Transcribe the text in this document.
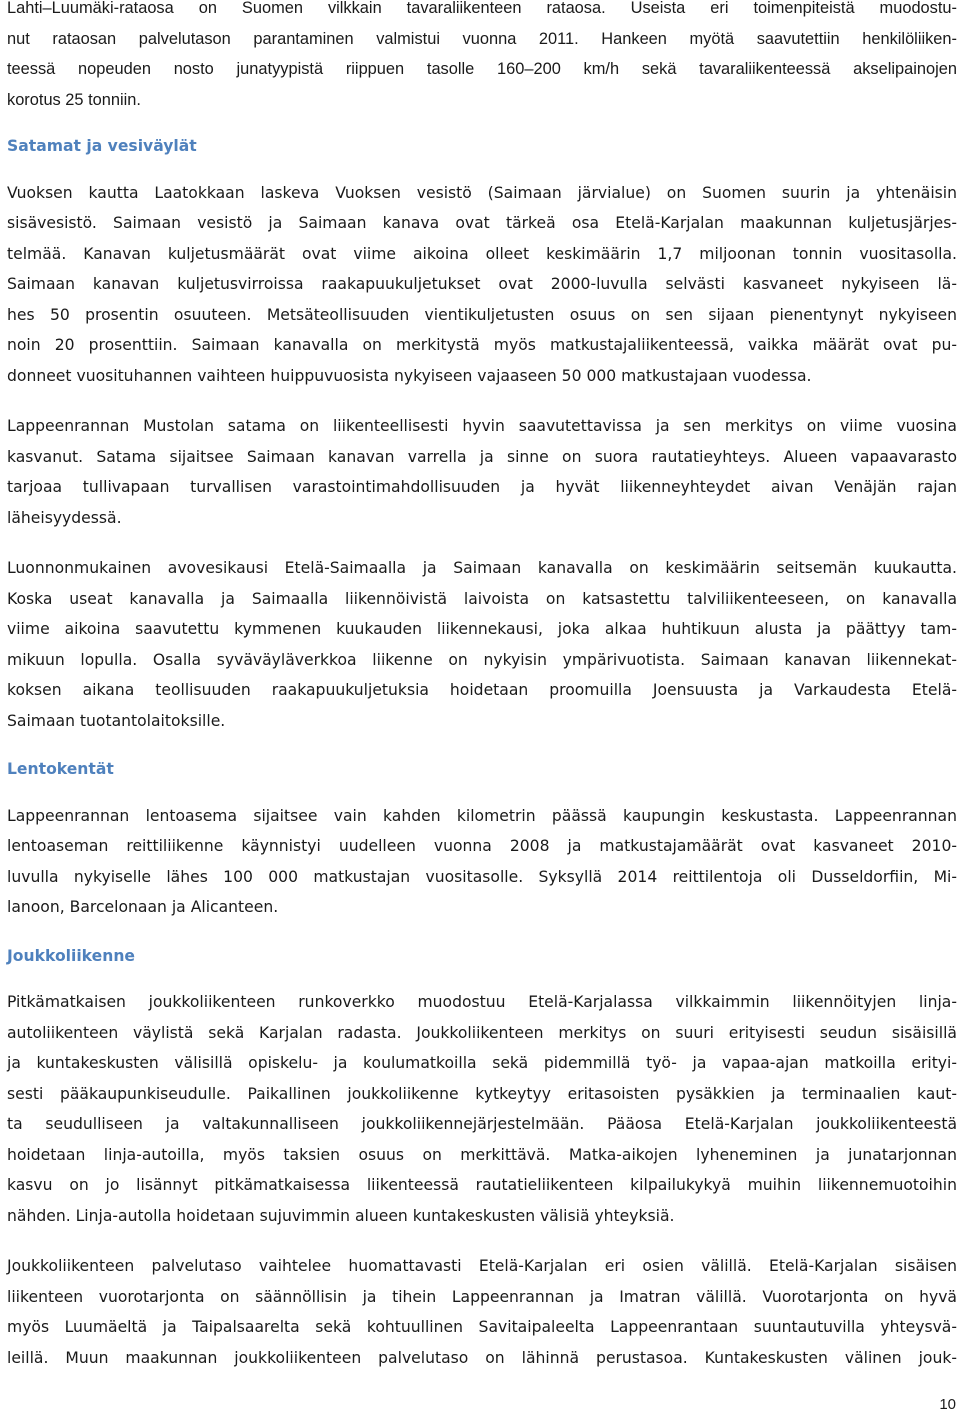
Lahti–Luumäki-rataosa on Suomen vilkkain tavaraliikenteen rataosa. Useista eri toimenpiteistä muodostu-
nut rataosan palvelutason parantaminen valmistui vuonna 2011. Hankeen myötä saavutettiin henkilöliiken-
teessä nopeuden nosto junatyypistä riippuen tasolle 160–200 km/h sekä tavaraliikenteessä akselipainojen
korotus 25 tonniin.
Satamat ja vesiväylät

Vuoksen kautta Laatokkaan laskeva Vuoksen vesistö (Saimaan järvialue) on Suomen suurin ja yhtenäisin
sisävesistö. Saimaan vesistö ja Saimaan kanava ovat tärkeä osa Etelä-Karjalan maakunnan kuljetusjärjes-
telmää. Kanavan kuljetusmäärät ovat viime aikoina olleet keskimäärin 1,7 miljoonan tonnin vuositasolla.
Saimaan kanavan kuljetusvirroissa raakapuukuljetukset ovat 2000-luvulla selvästi kasvaneet nykyiseen lä-
hes 50 prosentin osuuteen. Metsäteollisuuden vientikuljetusten osuus on sen sijaan pienentynyt nykyiseen
noin 20 prosenttiin. Saimaan kanavalla on merkitystä myös matkustajaliikenteessä, vaikka määrät ovat pu-
donneet vuosituhannen vaihteen huippuvuosista nykyiseen vajaaseen 50 000 matkustajaan vuodessa.

Lappeenrannan Mustolan satama on liikenteellisesti hyvin saavutettavissa ja sen merkitys on viime vuosina
kasvanut. Satama sijaitsee Saimaan kanavan varrella ja sinne on suora rautatieyhteys. Alueen vapaavarasto
tarjoaa tullivapaan turvallisen varastointimahdollisuuden ja hyvät liikenneyhteydet aivan Venäjän rajan
läheisyydessä.

Luonnonmukainen avovesikausi Etelä-Saimaalla ja Saimaan kanavalla on keskimäärin seitsemän kuukautta.
Koska useat kanavalla ja Saimaalla liikennöivistä laivoista on katsastettu talviliikenteeseen, on kanavalla
viime aikoina saavutettu kymmenen kuukauden liikennekausi, joka alkaa huhtikuun alusta ja päättyy tam-
mikuun lopulla. Osalla syväväyläverkkoa liikenne on nykyisin ympärivuotista. Saimaan kanavan liikennekat-
koksen aikana teollisuuden raakapuukuljetuksia hoidetaan proomuilla Joensuusta ja Varkaudesta Etelä-
Saimaan tuotantolaitoksille.

Lentokentät

Lappeenrannan lentoasema sijaitsee vain kahden kilometrin päässä kaupungin keskustasta. Lappeenrannan
lentoaseman reittiliikenne käynnistyi uudelleen vuonna 2008 ja matkustajamäärät ovat kasvaneet 2010-
luvulla nykyiselle lähes 100 000 matkustajan vuositasolle. Syksyllä 2014 reittilentoja oli Dusseldorfiin, Mi-
lanoon, Barcelonaan ja Alicanteen.

Joukkoliikenne

Pitkämatkaisen joukkoliikenteen runkoverkko muodostuu Etelä-Karjalassa vilkkaimmin liikennöityjen linja-
autoliikenteen väylistä sekä Karjalan radasta. Joukkoliikenteen merkitys on suuri erityisesti seudun sisäisillä
ja kuntakeskusten välisillä opiskelu- ja koulumatkoilla sekä pidemmillä työ- ja vapaa-ajan matkoilla erityi-
sesti pääkaupunkiseudulle. Paikallinen joukkoliikenne kytkeytyy eritasoisten pysäkkien ja terminaalien kaut-
ta seudulliseen ja valtakunnalliseen joukkoliikennejärjestelmään. Pääosa Etelä-Karjalan joukkoliikenteestä
hoidetaan linja-autoilla, myös taksien osuus on merkittävä. Matka-aikojen lyheneminen ja junatarjonnan
kasvu on jo lisännyt pitkämatkaisessa liikenteessä rautatieliikenteen kilpailukykyä muihin liikennemuotoihin
nähden. Linja-autolla hoidetaan sujuvimmin alueen kuntakeskusten välisiä yhteyksiä.

Joukkoliikenteen palvelutaso vaihtelee huomattavasti Etelä-Karjalan eri osien välillä. Etelä-Karjalan sisäisen
liikenteen vuorotarjonta on säännöllisin ja tihein Lappeenrannan ja Imatran välillä. Vuorotarjonta on hyvä
myös Luumäeltä ja Taipalsaarelta sekä kohtuullinen Savitaipaleelta Lappeenrantaan suuntautuvilla yhteysvä-
leillä. Muun maakunnan joukkoliikenteen palvelutaso on lähinnä perustasoa. Kuntakeskusten välinen jouk-

10
